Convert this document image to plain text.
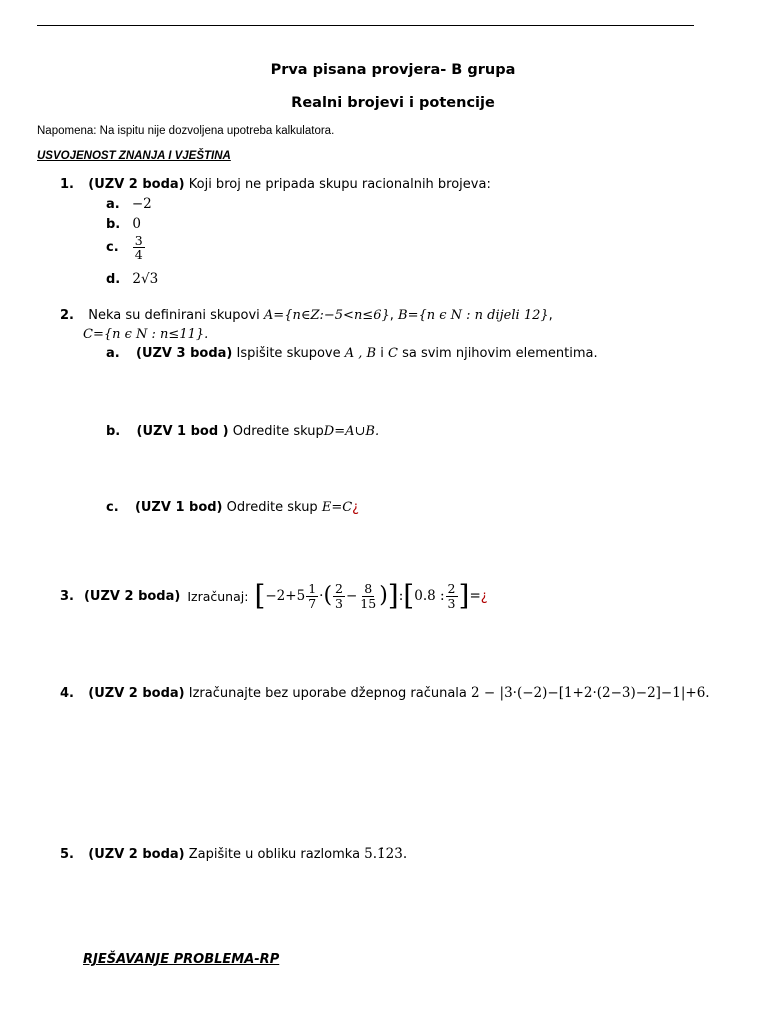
Prva pisana provjera- B grupa
Realni brojevi i potencije
Napomena: Na ispitu nije dozvoljena upotreba kalkulatora.
USVOJENOST ZNANJA I VJEŠTINA
1. (UZV 2 boda) Koji broj ne pripada skupu racionalnih brojeva:
a. −2
b. 0
c. $\frac{3}{4}$
d. 2√3
2. Neka su definirani skupovi A={n∈Z:−5<n≤6}, B={n ϵ N : n dijeli 12},
C={n ϵ N : n≤11}.
a. (UZV 3 boda) Ispišite skupove A , B i C sa svim njihovim elementima.
b. (UZV 1 bod ) Odredite skupD=A∪B.
c. (UZV 1 bod) Odredite skup E=C¿
3. (UZV 2 boda) Izračunaj: [ $-2+5 \frac{1}{7}$ · ( $\frac{2}{3} - \frac{8}{15}$ ) ] : [ 0.8 : $\frac{2}{3}$ ] = ¿
4. (UZV 2 boda) Izračunajte bez uporabe džepnog računala 2 − |3·(−2)−[1+2·(2−3)−2]−1|+6.
5. (UZV 2 boda) Zapišite u obliku razlomka 5.1̇23̇.
RJEŠAVANJE PROBLEMA-RP
